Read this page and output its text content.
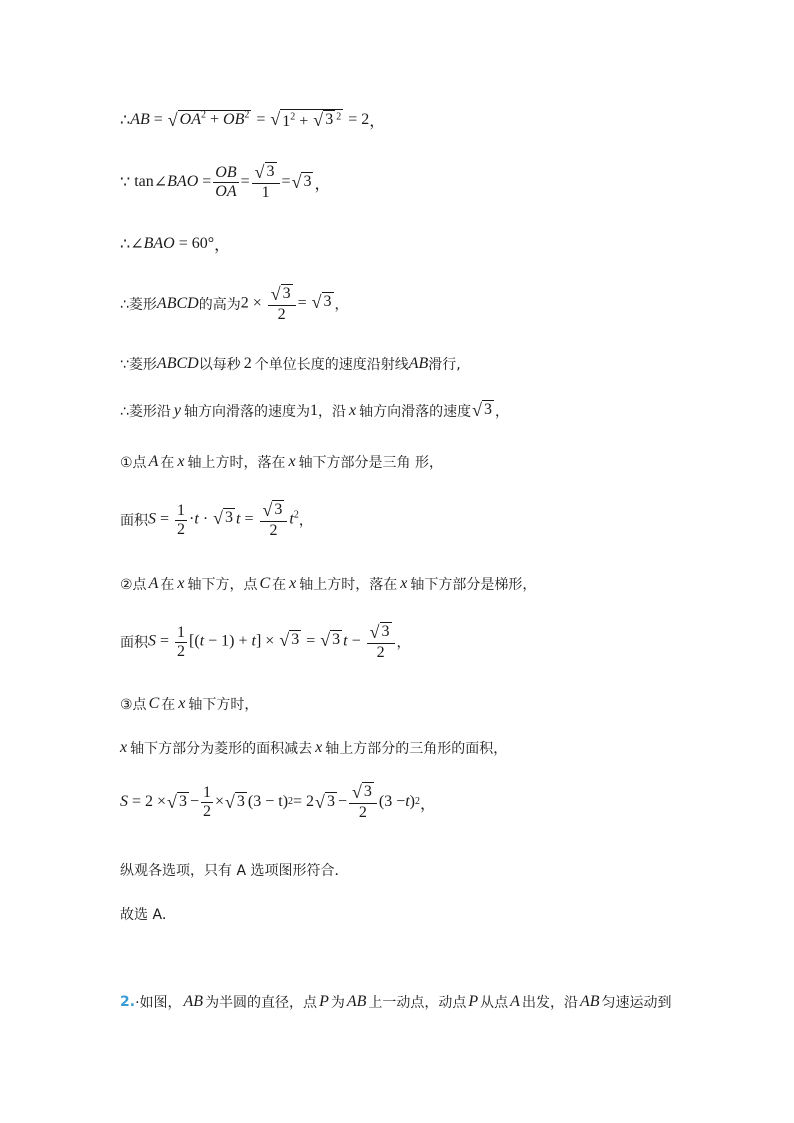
∴ AB = √ $OA^2 + OB^2$ = √ $1^2$ + √ 3 $^2$ = 2 ，
∵ tan ∠ BAO = $\frac{OB}{OA} = \frac{√ 3}{1}$ = √ 3 ，
∴ ∠ BAO = 60° ，
∴菱形 ABCD 的高为 $2 \times \frac{√ 3}{2}$ = √ 3 ，
∵菱形 ABCD 以每秒 2 个单位长度的速度沿射线 AB 滑行,
∴菱形沿 y 轴方向滑落的速度为 1 ，沿 x 轴方向滑落的速度 √ 3 ，
①点 A 在 x 轴上方时，落在 x 轴下方部分是三角 形，
面积 $S = \frac{1}{2} \cdot t$ · √ 3 $t = \frac{√ 3}{2} t^2$ ，
②点 A 在 x 轴下方，点 C 在 x 轴上方时，落在 x 轴下方部分是梯形，
面积 $S = \frac{1}{2} [(t - 1) + t]$ × √ 3 = √ 3 $t - \frac{√ 3}{2}$ ，
③点 C 在 x 轴下方时，
x 轴下方部分为菱形的面积减去 x 轴上方部分的三角形的面积，
S = 2 × √ $3 - \frac{1}{2}$ × √ 3 (3 − t) 2 = 2 √ $3 - \frac{√ 3}{2} (3 - t$ ) 2 ，
纵观各选项，只有 A 选项图形符合．
故选 A．
2. ·如图， AB 为半圆的直径，点 P 为 AB 上一动点，动点 P 从点 A 出发，沿 AB 匀速运动到
